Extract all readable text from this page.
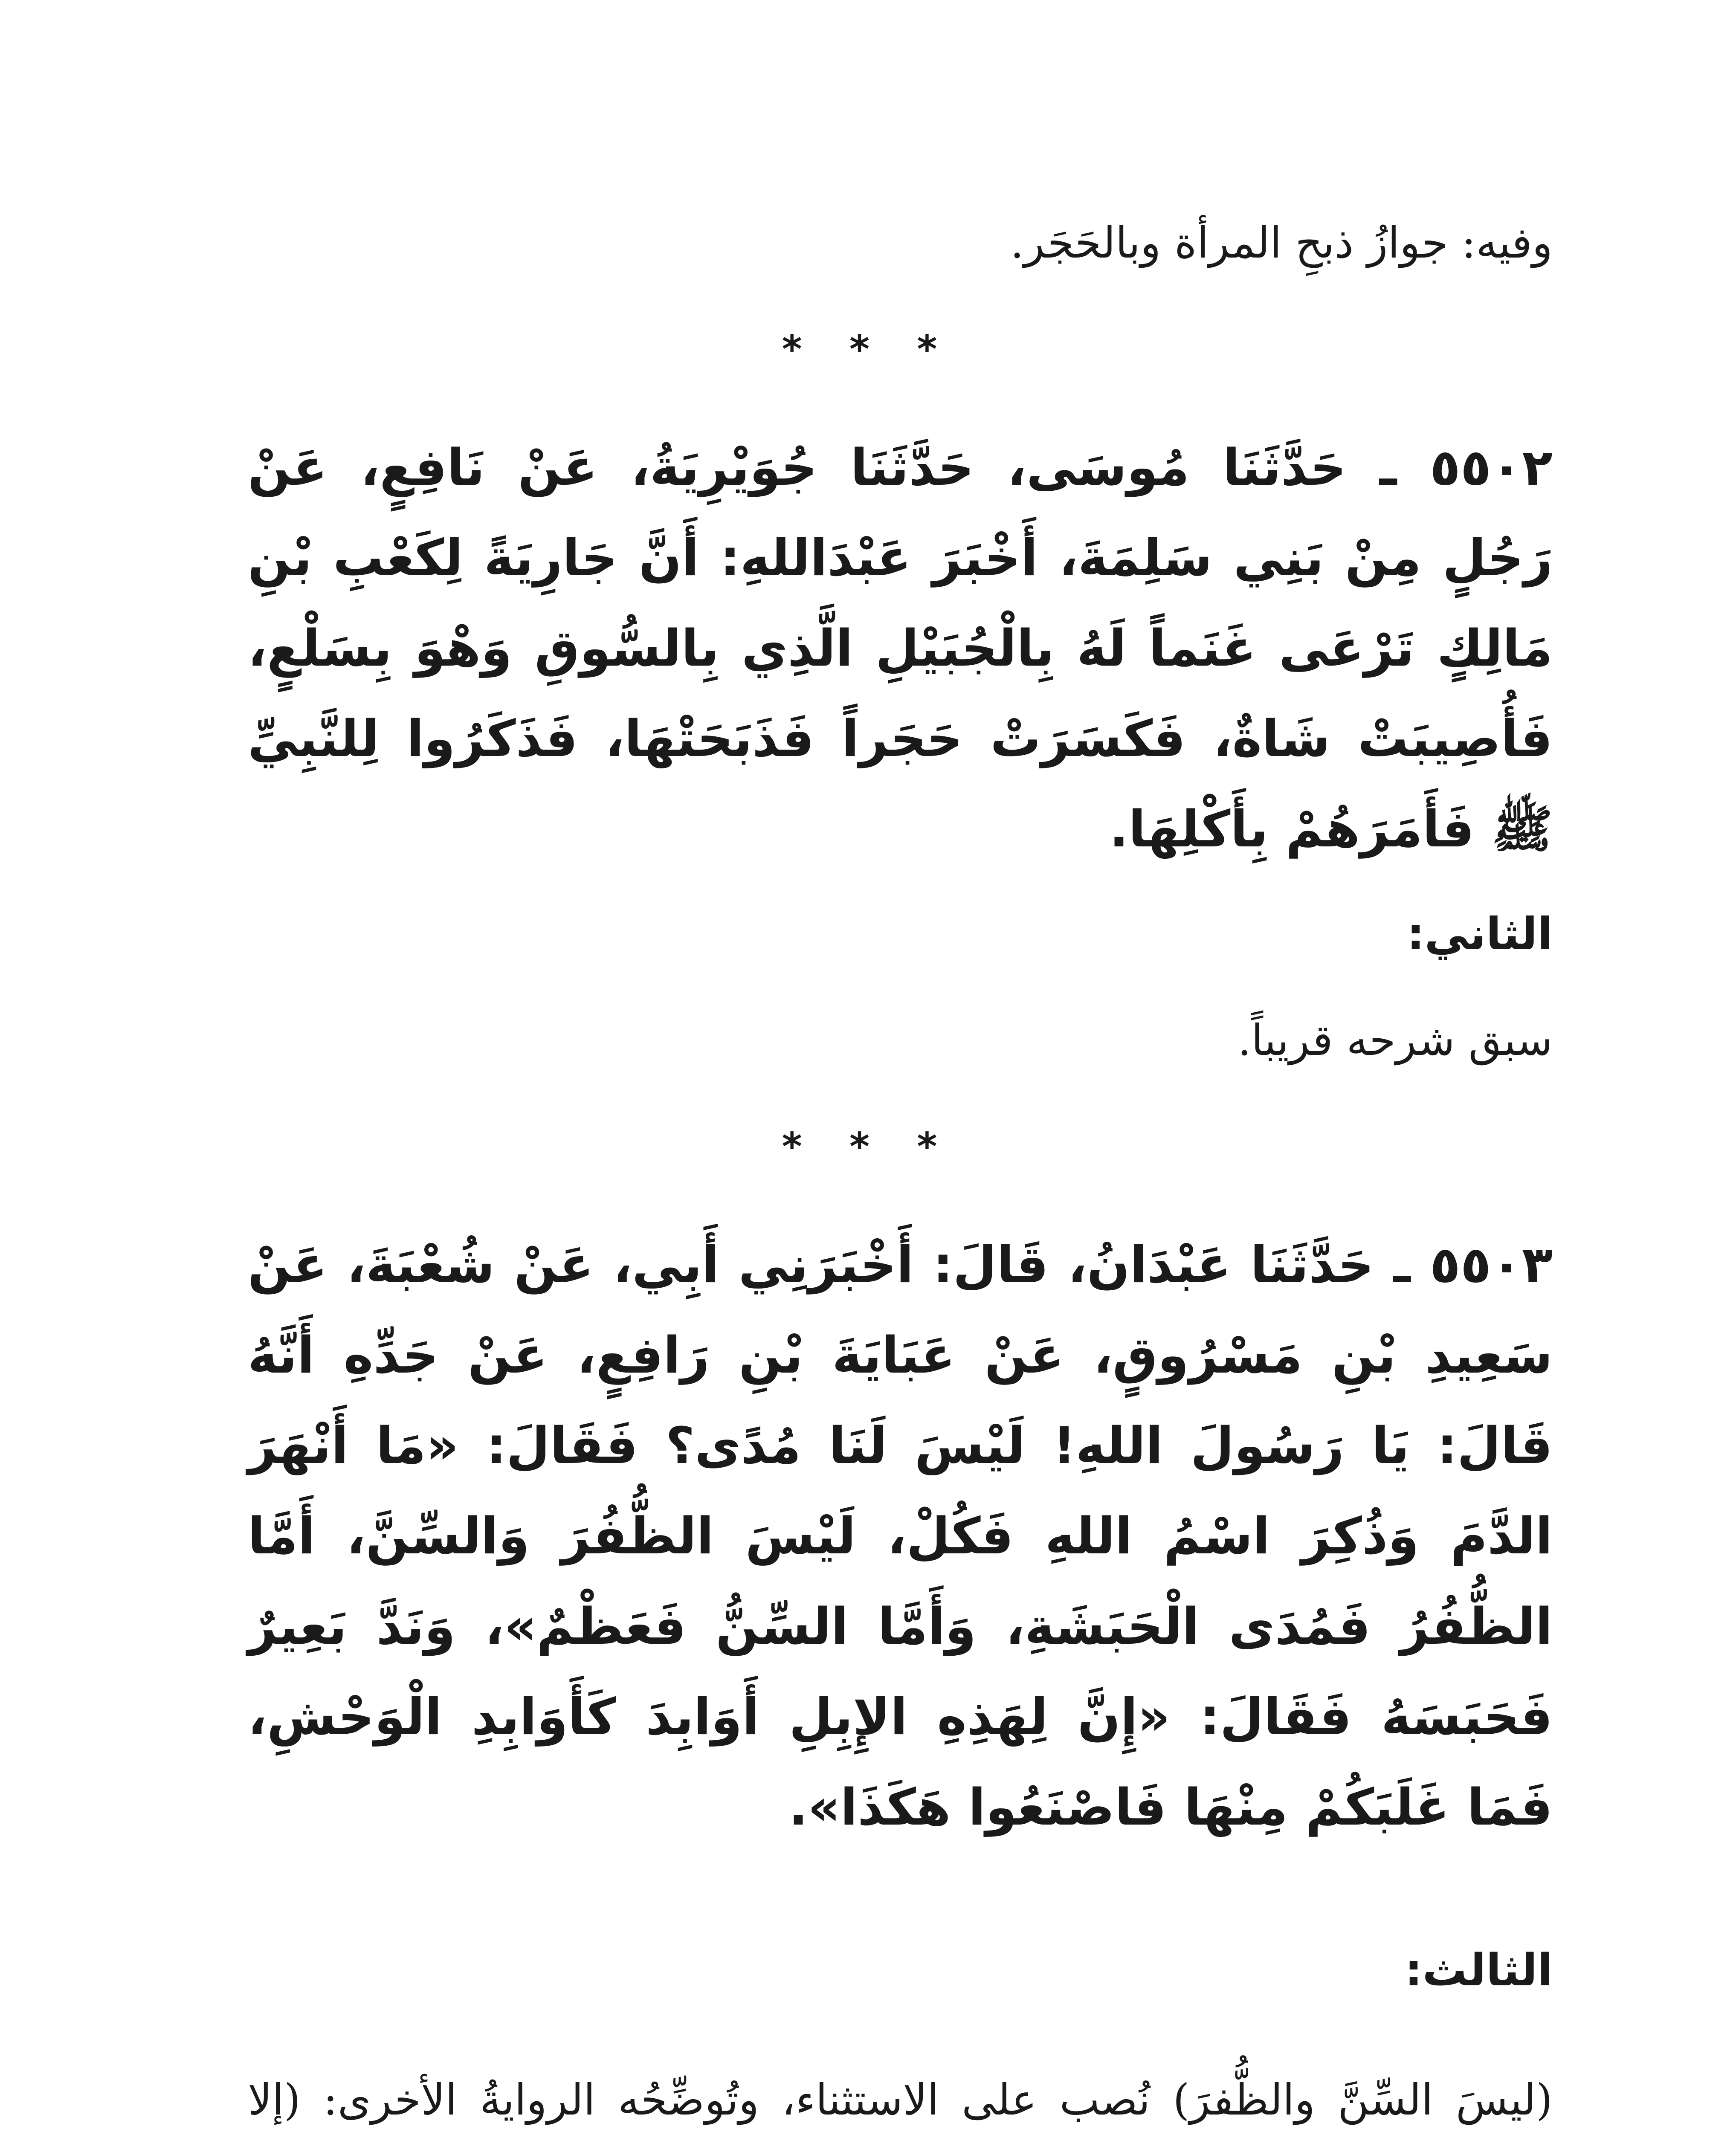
وفيه: جوازُ ذبحِ المرأة وبالحَجَر.

* * *

٥٥٠٢ ـ حَدَّثَنَا مُوسَى، حَدَّثَنَا جُوَيْرِيَةُ، عَنْ نَافِعٍ، عَنْ رَجُلٍ مِنْ بَنِي سَلِمَةَ، أَخْبَرَ عَبْدَاللهِ: أَنَّ جَارِيَةً لِكَعْبِ بْنِ مَالِكٍ تَرْعَى غَنَماً لَهُ بِالْجُبَيْلِ الَّذِي بِالسُّوقِ وَهْوَ بِسَلْعٍ، فَأُصِيبَتْ شَاةٌ، فَكَسَرَتْ حَجَراً فَذَبَحَتْهَا، فَذَكَرُوا لِلنَّبِيِّ ﷺ فَأَمَرَهُمْ بِأَكْلِهَا.

الثاني:

سبق شرحه قريباً.

* * *

٥٥٠٣ ـ حَدَّثَنَا عَبْدَانُ، قَالَ: أَخْبَرَنِي أَبِي، عَنْ شُعْبَةَ، عَنْ سَعِيدِ بْنِ مَسْرُوقٍ، عَنْ عَبَايَةَ بْنِ رَافِعٍ، عَنْ جَدِّهِ أَنَّهُ قَالَ: يَا رَسُولَ اللهِ! لَيْسَ لَنَا مُدًى؟ فَقَالَ: «مَا أَنْهَرَ الدَّمَ وَذُكِرَ اسْمُ اللهِ فَكُلْ، لَيْسَ الظُّفُرَ وَالسِّنَّ، أَمَّا الظُّفُرُ فَمُدَى الْحَبَشَةِ، وَأَمَّا السِّنُّ فَعَظْمٌ»، وَنَدَّ بَعِيرٌ فَحَبَسَهُ فَقَالَ: «إِنَّ لِهَذِهِ الإِبِلِ أَوَابِدَ كَأَوَابِدِ الْوَحْشِ، فَمَا غَلَبَكُمْ مِنْهَا فَاصْنَعُوا هَكَذَا».

الثالث:

(ليسَ السِّنَّ والظُّفرَ) نُصب على الاستثناء، وتُوضِّحُه الروايةُ الأخرى: (إلا
